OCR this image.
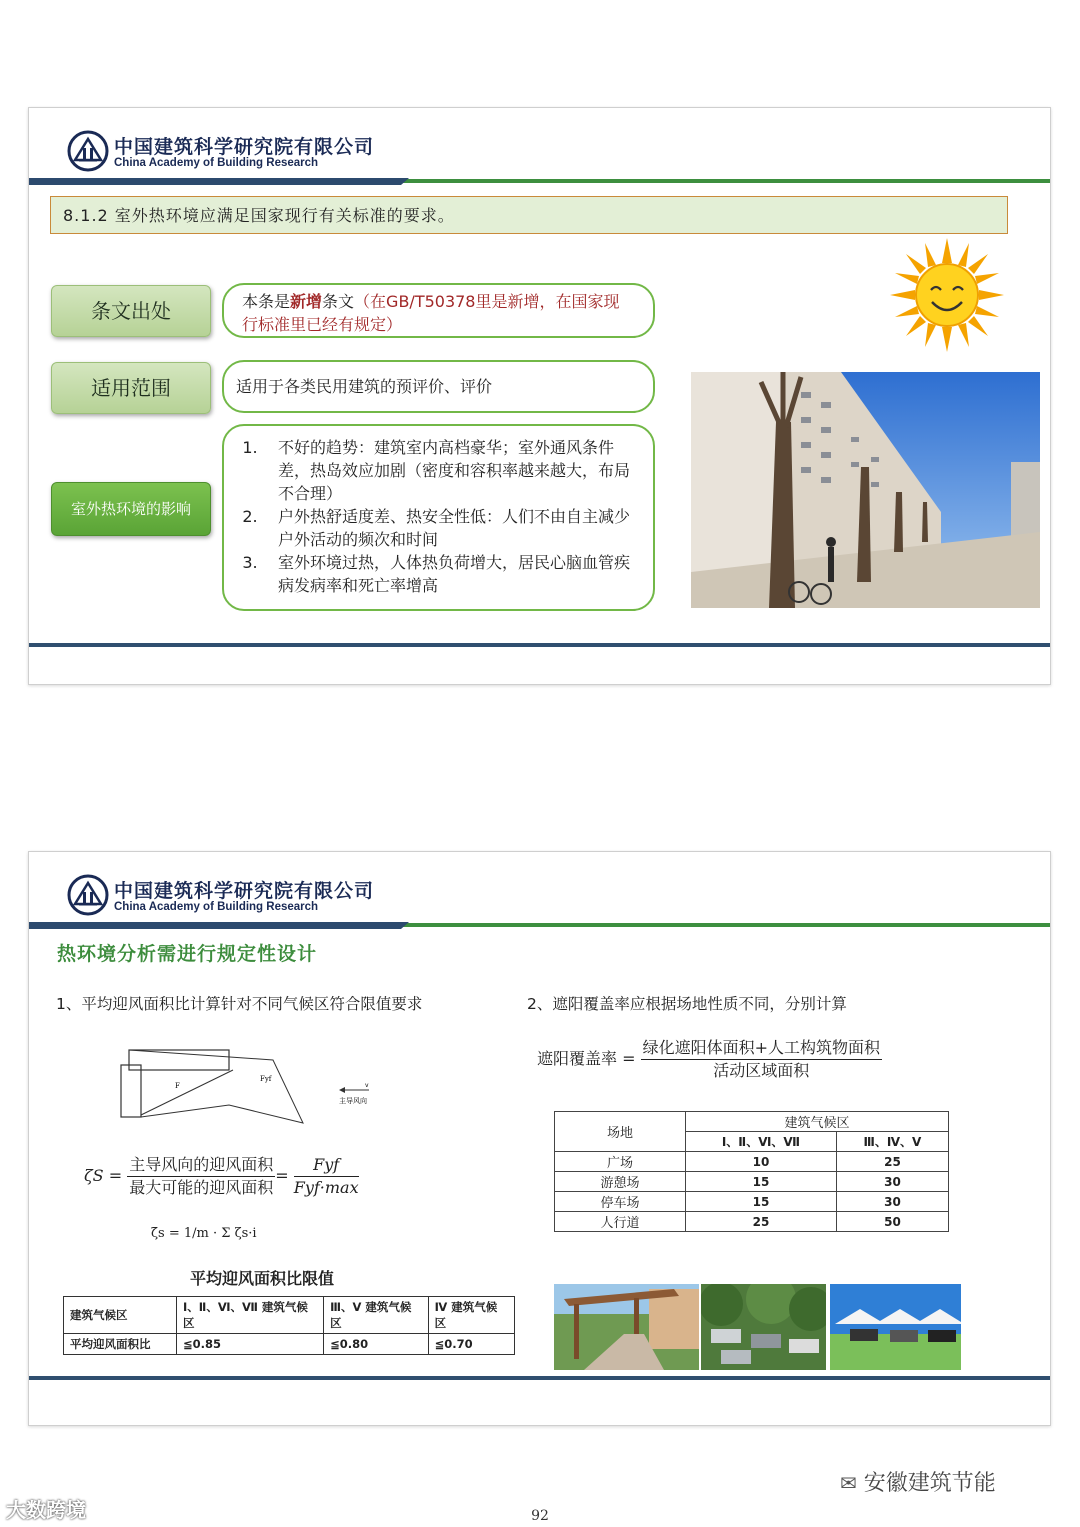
中国建筑科学研究院有限公司
China Academy of Building Research
8.1.2 室外热环境应满足国家现行有关标准的要求。
条文出处	本条是新增条文（在GB/T50378里是新增，在国家现行标准里已经有规定）
适用范围	适用于各类民用建筑的预评价、评价
室外热环境的影响
1. 不好的趋势：建筑室内高档豪华；室外通风条件差，热岛效应加剧（密度和容积率越来越大，布局不合理）
2. 户外热舒适度差、热安全性低：人们不由自主减少户外活动的频次和时间
3. 室外环境过热，人体热负荷增大，居民心脑血管疾病发病率和死亡率增高
中国建筑科学研究院有限公司
China Academy of Building Research
热环境分析需进行规定性设计
1、平均迎风面积比计算针对不同气候区符合限值要求	2、遮阳覆盖率应根据场地性质不同，分别计算
F
Fyf
v
主导风向
$\zeta S = \frac{\text{主导风向的迎风面积}}{\text{最大可能的迎风面积}} = \frac{\text{Fyf}}{\text{Fyf·max}}$
ζ̄s = 1/m · Σ ζs·i
平均迎风面积比限值
建筑气候区	Ⅰ、Ⅱ、Ⅵ、Ⅶ 建筑气候区	Ⅲ、Ⅴ 建筑气候区	Ⅳ 建筑气候区
平均迎风面积比	≦0.85	≦0.80	≦0.70
遮阳覆盖率 = $\frac{\text{绿化遮阳体面积+人工构筑物面积}}{\text{活动区域面积}}$
场地	建筑气候区	
	Ⅰ、Ⅱ、Ⅵ、Ⅶ	Ⅲ、Ⅳ、Ⅴ
广场	10	25
游憩场	15	30
停车场	15	30
人行道	25	50
✉ 安徽建筑节能
大数跨境	92
